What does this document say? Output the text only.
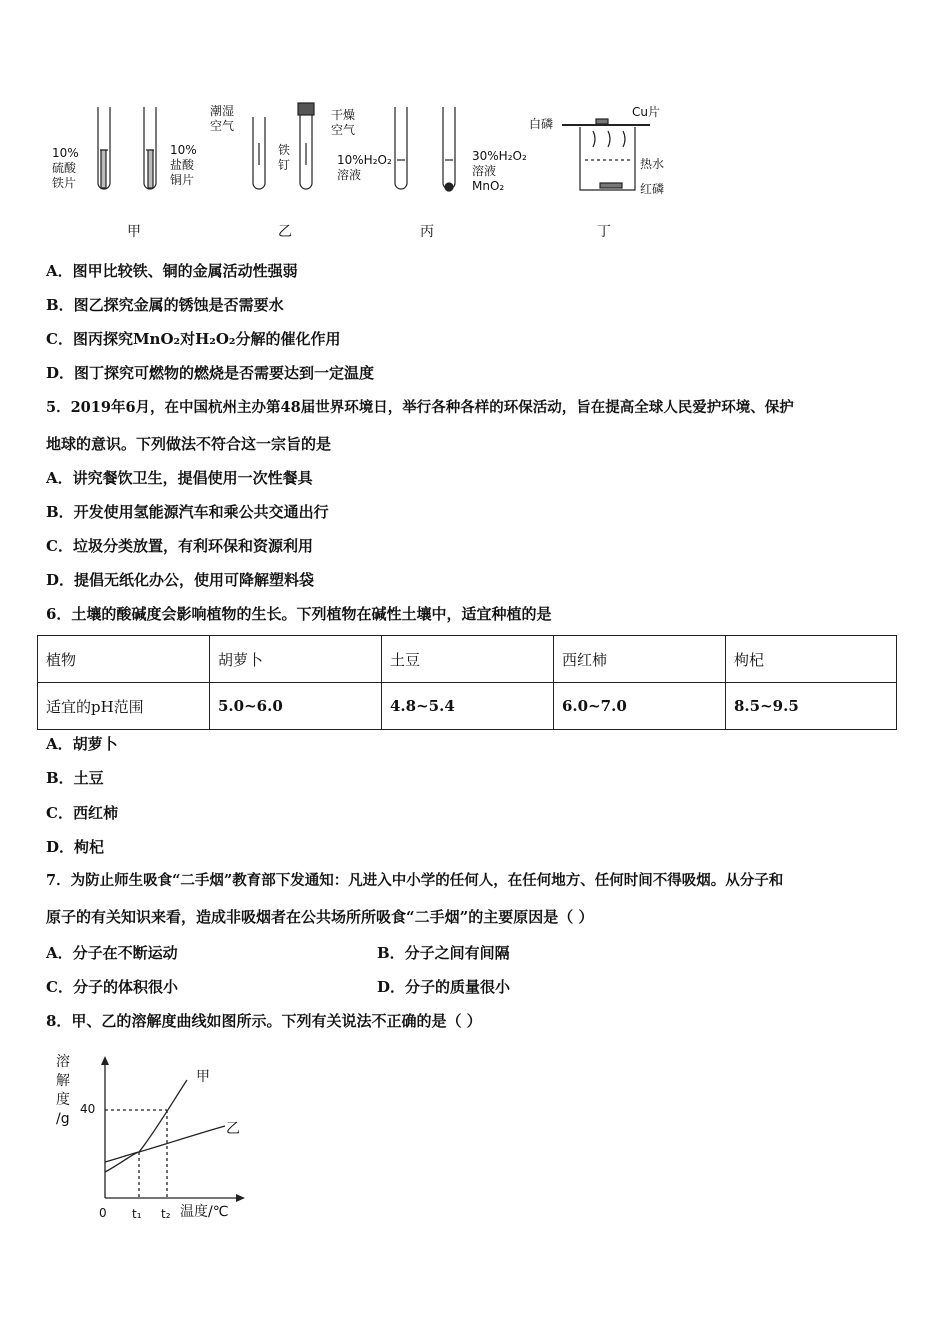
10%
硫酸
铁片
10%
盐酸
铜片
潮湿
空气
干燥
空气
铁
钉	10%H₂O₂
溶液
30%H₂O₂
溶液
MnO₂
白磷
Cu片
热水
红磷
甲	乙	丙	丁
A．图甲比较铁、铜的金属活动性强弱
B．图乙探究金属的锈蚀是否需要水
C．图丙探究MnO₂对H₂O₂分解的催化作用
D．图丁探究可燃物的燃烧是否需要达到一定温度
5．2019年6月，在中国杭州主办第48届世界环境日，举行各种各样的环保活动，旨在提高全球人民爱护环境、保护
地球的意识。下列做法不符合这一宗旨的是
A．讲究餐饮卫生，提倡使用一次性餐具
B．开发使用氢能源汽车和乘公共交通出行
C．垃圾分类放置，有利环保和资源利用
D．提倡无纸化办公，使用可降解塑料袋
6．土壤的酸碱度会影响植物的生长。下列植物在碱性土壤中，适宜种植的是
植物	胡萝卜	土豆	西红柿	枸杞
适宜的pH范围	5.0~6.0	4.8~5.4	6.0~7.0	8.5~9.5
A．胡萝卜
B．土豆
C．西红柿
D．枸杞
7．为防止师生吸食“二手烟”教育部下发通知：凡进入中小学的任何人，在任何地方、任何时间不得吸烟。从分子和
原子的有关知识来看，造成非吸烟者在公共场所所吸食“二手烟”的主要原因是（ ）
A．分子在不断运动	B．分子之间有间隔
C．分子的体积很小	D．分子的质量很小
8．甲、乙的溶解度曲线如图所示。下列有关说法不正确的是（ ）
溶
解
度
/g
40
0 t₁ t₂ 温度/℃
甲
乙
